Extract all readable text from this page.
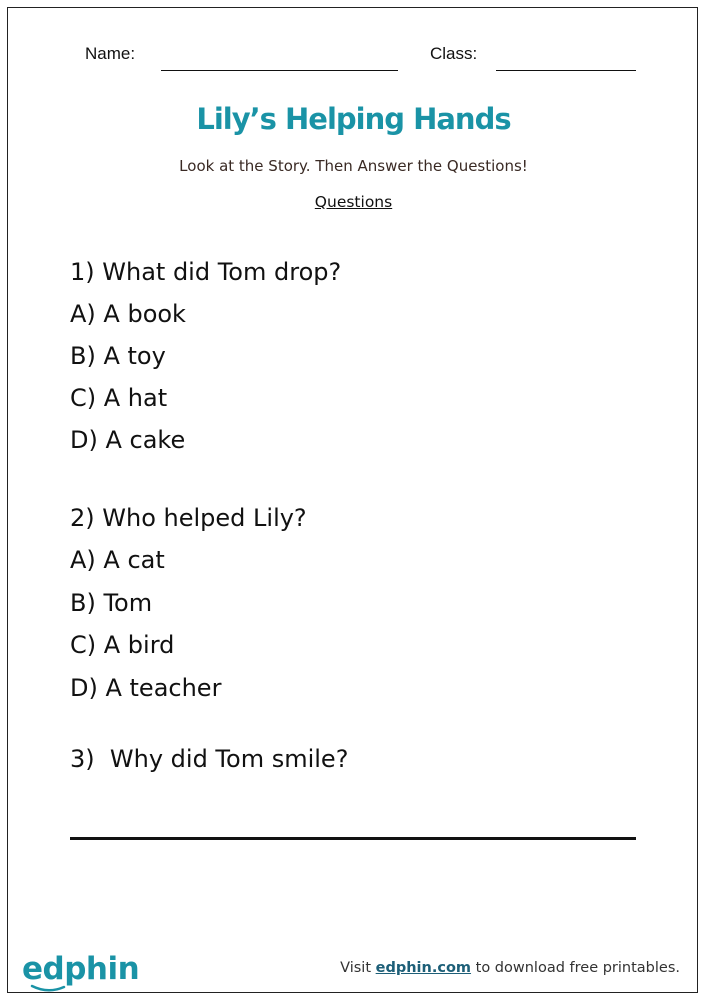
Name:	Class:
Lily’s Helping Hands
Look at the Story. Then Answer the Questions!
Questions
1) What did Tom drop?
A) A book
B) A toy
C) A hat
D) A cake
2) Who helped Lily?
A) A cat
B) Tom
C) A bird
D) A teacher
3)  Why did Tom smile?
edphin	Visit edphin.com to download free printables.
